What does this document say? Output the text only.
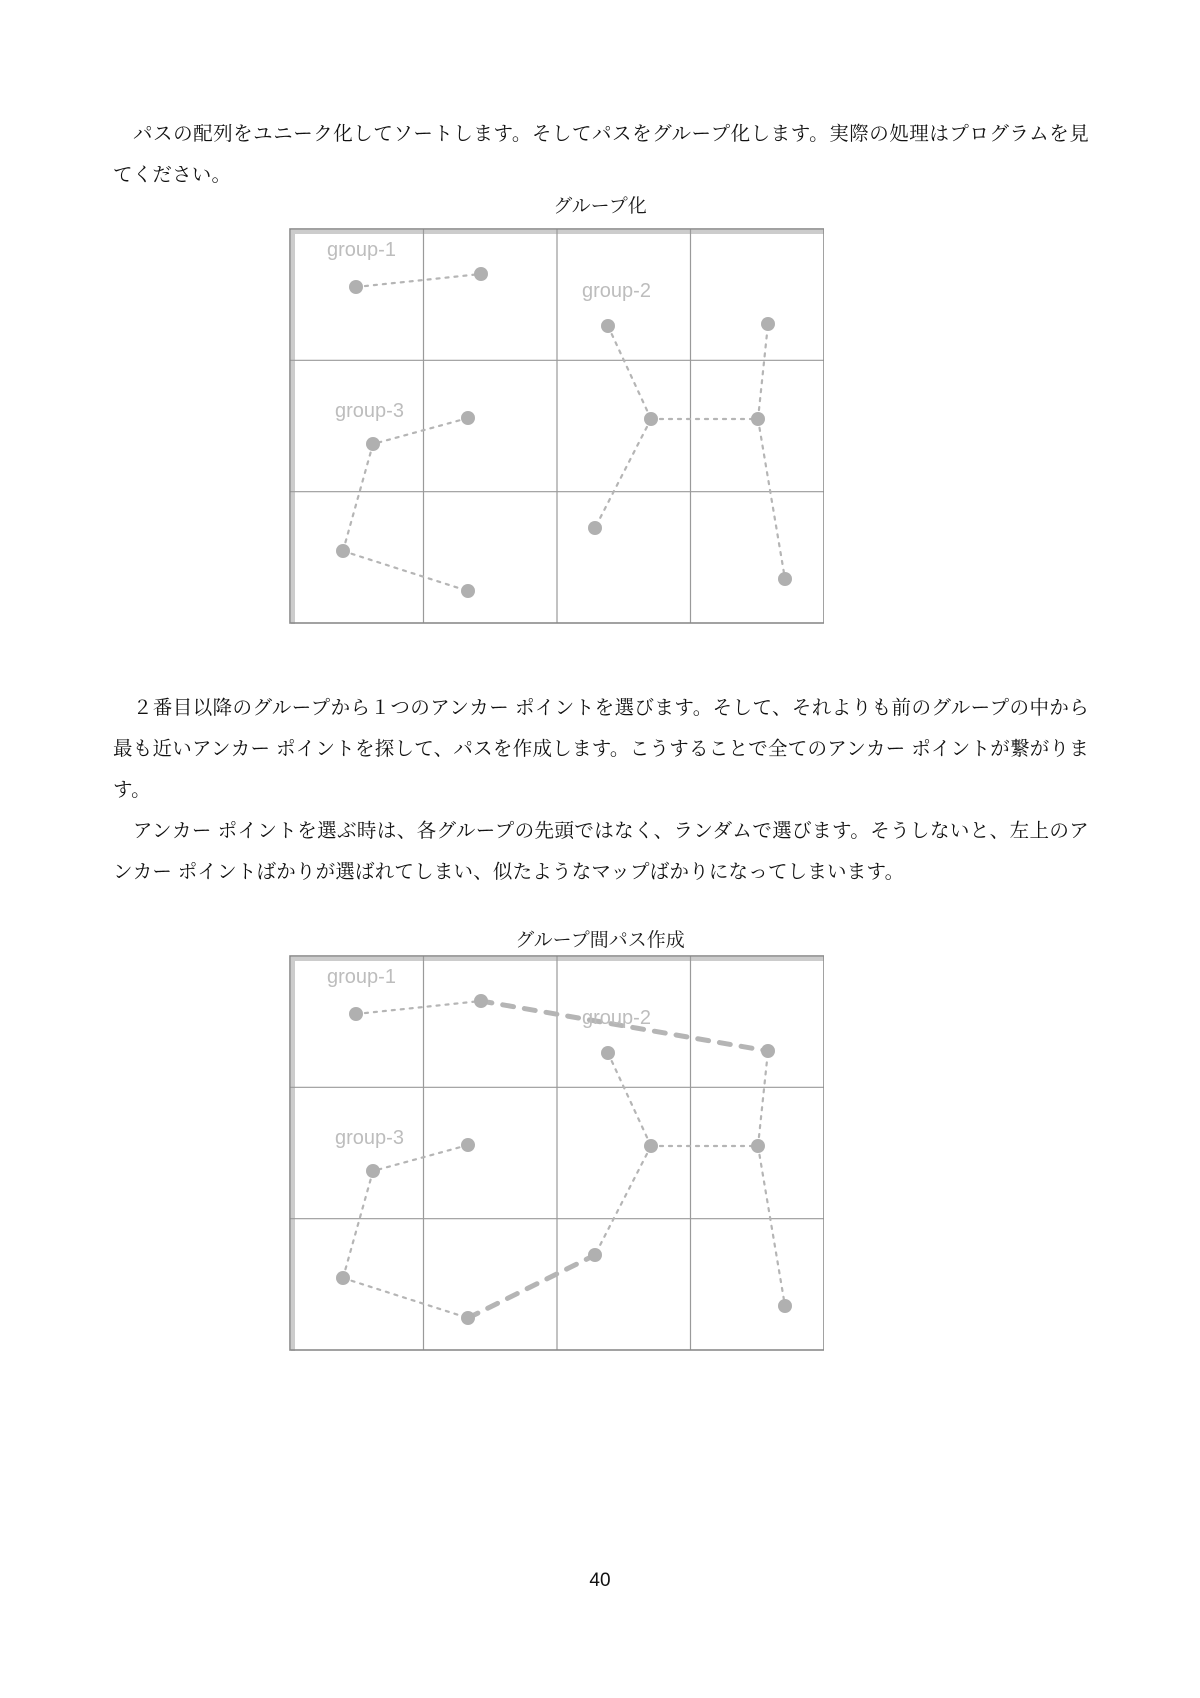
　パスの配列をユニーク化してソートします。そしてパスをグループ化します。実際の処理はプログラムを見てください。

グループ化
group-1
group-2
group-3

　２番目以降のグループから１つのアンカー ポイントを選びます。そして、それよりも前のグループの中から最も近いアンカー ポイントを探して、パスを作成します。こうすることで全てのアンカー ポイントが繋がります。

　アンカー ポイントを選ぶ時は、各グループの先頭ではなく、ランダムで選びます。そうしないと、左上のアンカー ポイントばかりが選ばれてしまい、似たようなマップばかりになってしまいます。

グループ間パス作成
group-1
group-2
group-3
40
